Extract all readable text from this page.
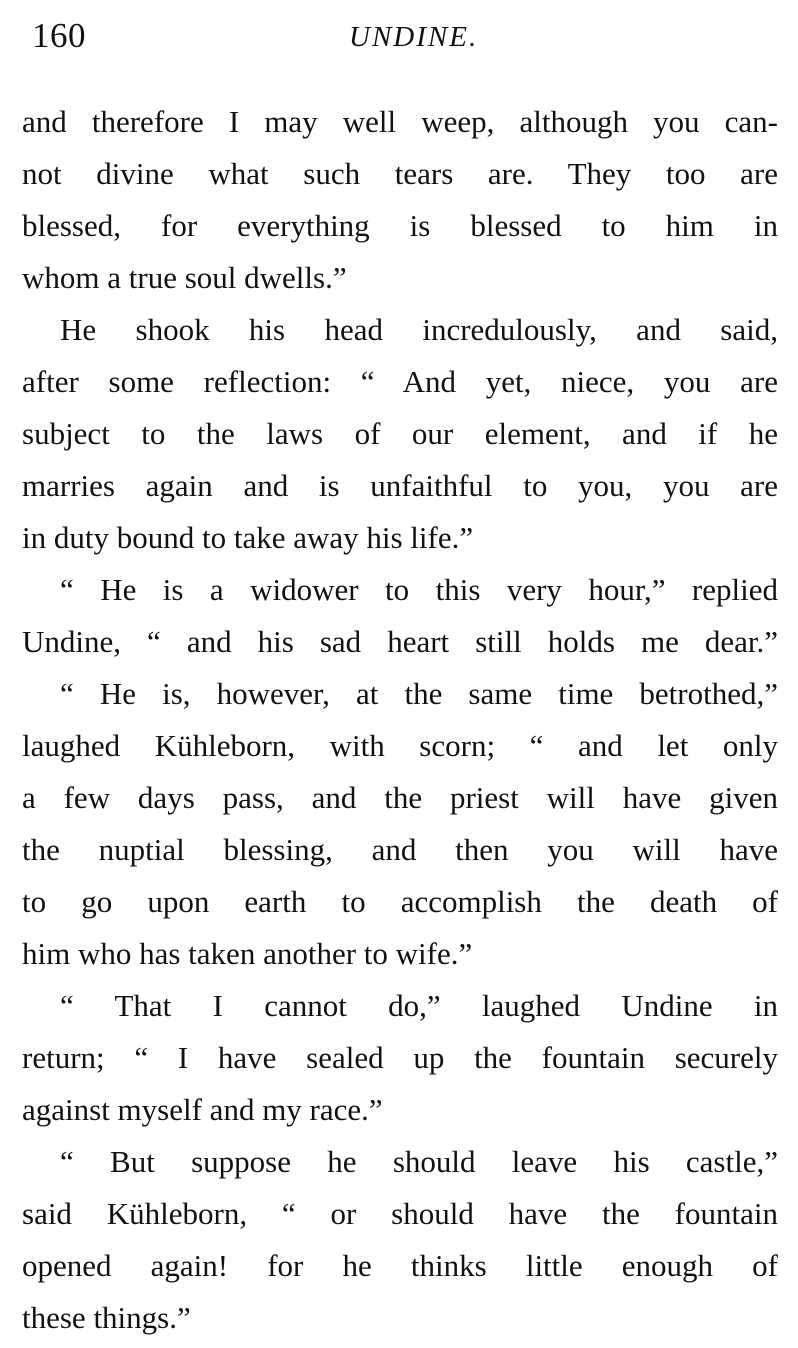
160	UNDINE.
and therefore I may well weep, although you can-
not divine what such tears are. They too are
blessed, for everything is blessed to him in
whom a true soul dwells.”
He shook his head incredulously, and said,
after some reflection: “ And yet, niece, you are
subject to the laws of our element, and if he
marries again and is unfaithful to you, you are
in duty bound to take away his life.”
“ He is a widower to this very hour,” replied
Undine, “ and his sad heart still holds me dear.”
“ He is, however, at the same time betrothed,”
laughed Kühleborn, with scorn; “ and let only
a few days pass, and the priest will have given
the nuptial blessing, and then you will have
to go upon earth to accomplish the death of
him who has taken another to wife.”
“ That I cannot do,” laughed Undine in
return; “ I have sealed up the fountain securely
against myself and my race.”
“ But suppose he should leave his castle,”
said Kühleborn, “ or should have the fountain
opened again! for he thinks little enough of
these things.”
